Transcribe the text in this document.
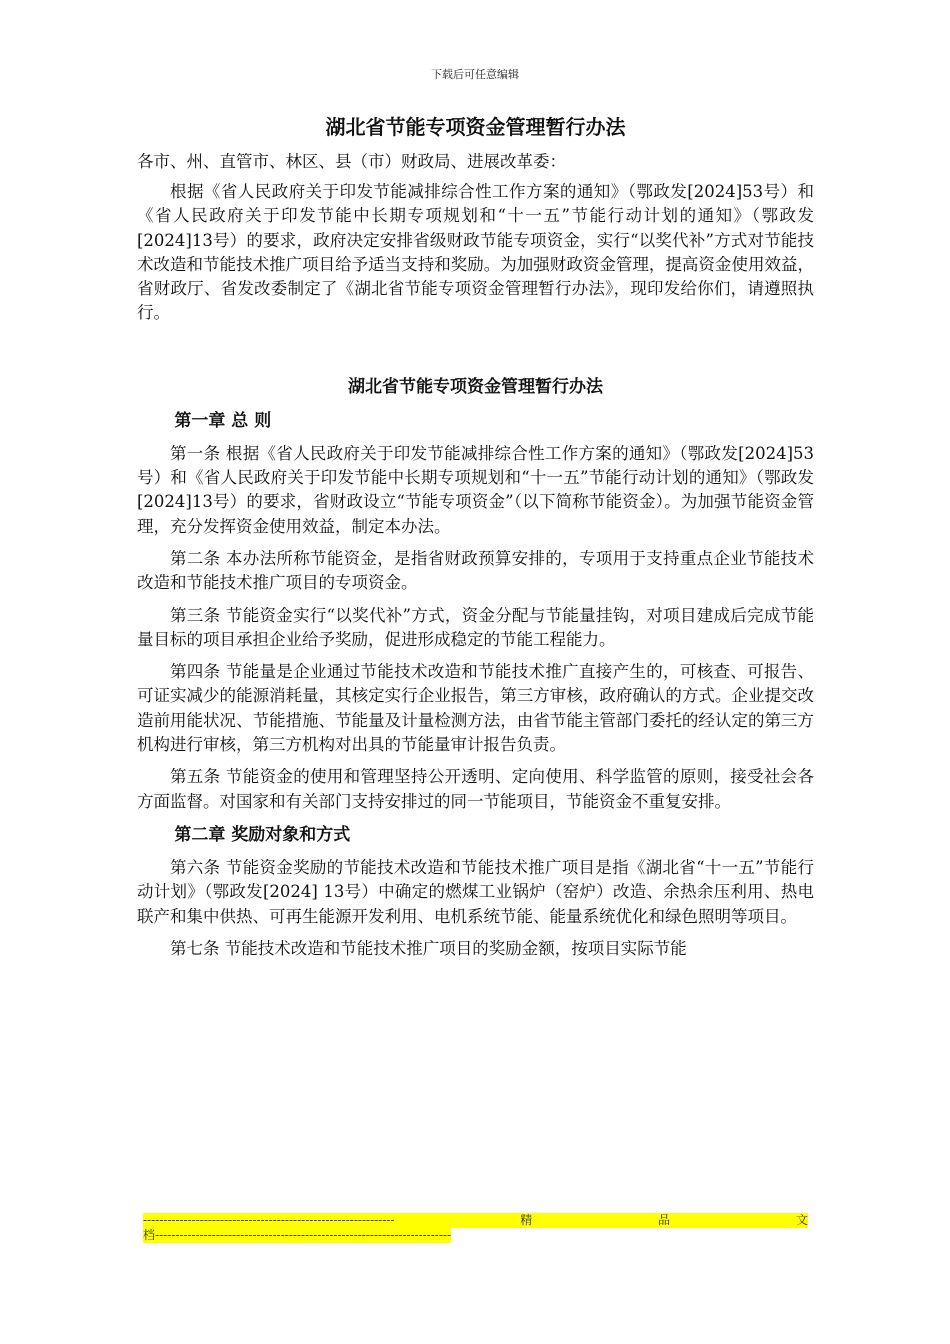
下载后可任意编辑
湖北省节能专项资金管理暂行办法
各市、州、直管市、林区、县（市）财政局、进展改革委：

根据《省人民政府关于印发节能减排综合性工作方案的通知》（鄂政发[2024]53号）和《省人民政府关于印发节能中长期专项规划和“十一五”节能行动计划的通知》（鄂政发[2024]13号）的要求，政府决定安排省级财政节能专项资金，实行“以奖代补”方式对节能技术改造和节能技术推广项目给予适当支持和奖励。为加强财政资金管理，提高资金使用效益，省财政厅、省发改委制定了《湖北省节能专项资金管理暂行办法》，现印发给你们，请遵照执行。

湖北省节能专项资金管理暂行办法
第一章 总 则

第一条 根据《省人民政府关于印发节能减排综合性工作方案的通知》（鄂政发[2024]53号）和《省人民政府关于印发节能中长期专项规划和“十一五”节能行动计划的通知》（鄂政发[2024]13号）的要求，省财政设立“节能专项资金”（以下简称节能资金）。为加强节能资金管理，充分发挥资金使用效益，制定本办法。

第二条 本办法所称节能资金，是指省财政预算安排的，专项用于支持重点企业节能技术改造和节能技术推广项目的专项资金。

第三条 节能资金实行“以奖代补”方式，资金分配与节能量挂钩，对项目建成后完成节能量目标的项目承担企业给予奖励，促进形成稳定的节能工程能力。

第四条 节能量是企业通过节能技术改造和节能技术推广直接产生的，可核查、可报告、可证实减少的能源消耗量，其核定实行企业报告，第三方审核，政府确认的方式。企业提交改造前用能状况、节能措施、节能量及计量检测方法，由省节能主管部门委托的经认定的第三方机构进行审核，第三方机构对出具的节能量审计报告负责。

第五条 节能资金的使用和管理坚持公开透明、定向使用、科学监管的原则，接受社会各方面监督。对国家和有关部门支持安排过的同一节能项目，节能资金不重复安排。

第二章 奖励对象和方式

第六条 节能资金奖励的节能技术改造和节能技术推广项目是指《湖北省“十一五”节能行动计划》（鄂政发[2024] 13号）中确定的燃煤工业锅炉（窑炉）改造、余热余压利用、热电联产和集中供热、可再生能源开发利用、电机系统节能、能量系统优化和绿色照明等项目。

第七条 节能技术改造和节能技术推广项目的奖励金额，按项目实际节能

--------------------------------------------------------------	精	品	文
档-------------------------------------------------------------------------
